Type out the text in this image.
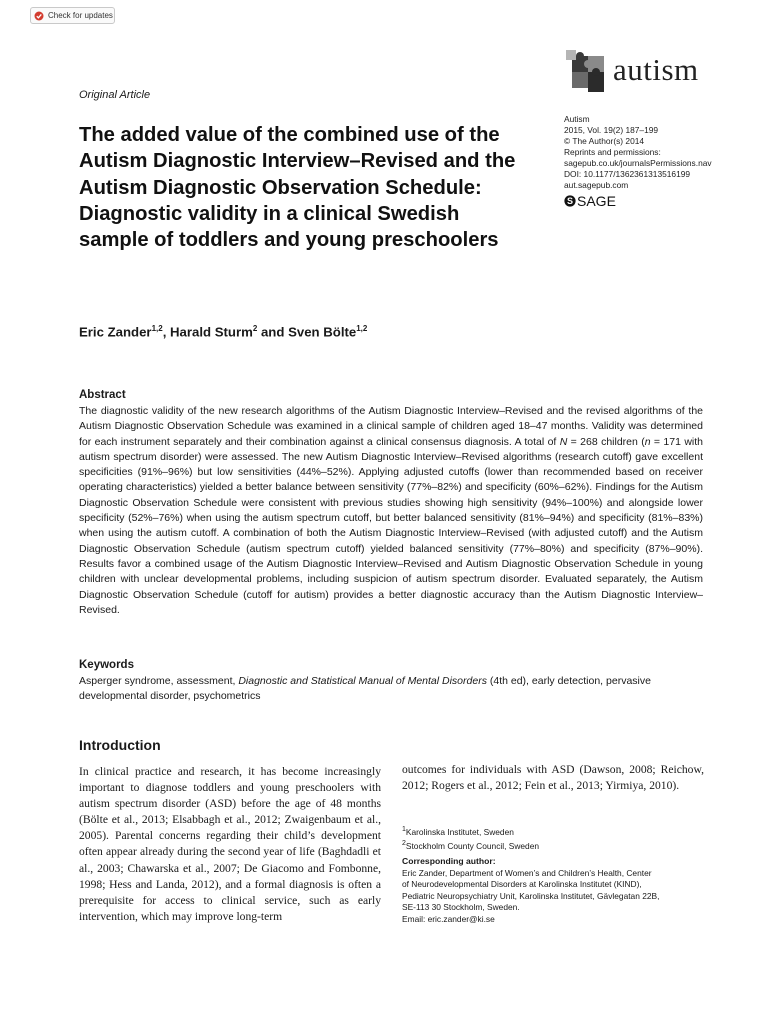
Check for updates
Original Article
autism
Autism
2015, Vol. 19(2) 187–199
© The Author(s) 2014
Reprints and permissions:
sagepub.co.uk/journalsPermissions.nav
DOI: 10.1177/1362361313516199
aut.sagepub.com
S SAGE
The added value of the combined use of the Autism Diagnostic Interview–Revised and the Autism Diagnostic Observation Schedule: Diagnostic validity in a clinical Swedish sample of toddlers and young preschoolers
Eric Zander$^{1,2}$, Harald Sturm$^2$ and Sven Bölte$^{1,2}$
Abstract
The diagnostic validity of the new research algorithms of the Autism Diagnostic Interview–Revised and the revised algorithms of the Autism Diagnostic Observation Schedule was examined in a clinical sample of children aged 18–47 months. Validity was determined for each instrument separately and their combination against a clinical consensus diagnosis. A total of N = 268 children (n = 171 with autism spectrum disorder) were assessed. The new Autism Diagnostic Interview–Revised algorithms (research cutoff) gave excellent specificities (91%–96%) but low sensitivities (44%–52%). Applying adjusted cutoffs (lower than recommended based on receiver operating characteristics) yielded a better balance between sensitivity (77%–82%) and specificity (60%–62%). Findings for the Autism Diagnostic Observation Schedule were consistent with previous studies showing high sensitivity (94%–100%) and alongside lower specificity (52%–76%) when using the autism spectrum cutoff, but better balanced sensitivity (81%–94%) and specificity (81%–83%) when using the autism cutoff. A combination of both the Autism Diagnostic Interview–Revised (with adjusted cutoff) and the Autism Diagnostic Observation Schedule (autism spectrum cutoff) yielded balanced sensitivity (77%–80%) and specificity (87%–90%). Results favor a combined usage of the Autism Diagnostic Interview–Revised and Autism Diagnostic Observation Schedule in young children with unclear developmental problems, including suspicion of autism spectrum disorder. Evaluated separately, the Autism Diagnostic Observation Schedule (cutoff for autism) provides a better diagnostic accuracy than the Autism Diagnostic Interview–Revised.
Keywords
Asperger syndrome, assessment, Diagnostic and Statistical Manual of Mental Disorders (4th ed), early detection, pervasive developmental disorder, psychometrics
Introduction

In clinical practice and research, it has become increasingly important to diagnose toddlers and young preschoolers with autism spectrum disorder (ASD) before the age of 48 months (Bölte et al., 2013; Elsabbagh et al., 2012; Zwaigenbaum et al., 2005). Parental concerns regarding their child’s development often appear already during the second year of life (Baghdadli et al., 2003; Chawarska et al., 2007; De Giacomo and Fombonne, 1998; Hess and Landa, 2012), and a formal diagnosis is often a prerequisite for access to clinical service, such as early intervention, which may improve long-term

outcomes for individuals with ASD (Dawson, 2008; Reichow, 2012; Rogers et al., 2012; Fein et al., 2013; Yirmiya, 2010).

$^1$Karolinska Institutet, Sweden
$^2$Stockholm County Council, Sweden
Corresponding author:
Eric Zander, Department of Women’s and Children’s Health, Center
of Neurodevelopmental Disorders at Karolinska Institutet (KIND),
Pediatric Neuropsychiatry Unit, Karolinska Institutet, Gävlegatan 22B,
SE-113 30 Stockholm, Sweden.
Email: eric.zander@ki.se
